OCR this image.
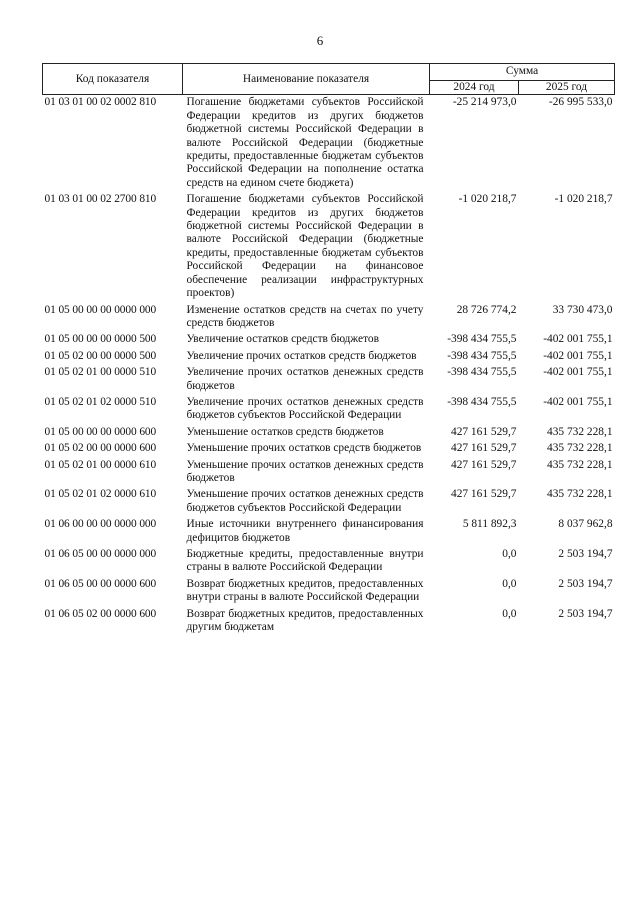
6
Код показателя	Наименование показателя	Сумма	
		2024 год	2025 год
01 03 01 00 02 0002 810	Погашение бюджетами субъектов Российской Федерации кредитов из других бюджетов бюджетной системы Российской Федерации в валюте Российской Федерации (бюджетные кредиты, предоставленные бюджетам субъектов Российской Федерации на пополнение остатка средств на едином счете бюджета)	-25 214 973,0	-26 995 533,0
01 03 01 00 02 2700 810	Погашение бюджетами субъектов Российской Федерации кредитов из других бюджетов бюджетной системы Российской Федерации в валюте Российской Федерации (бюджетные кредиты, предоставленные бюджетам субъектов Российской Федерации на финансовое обеспечение реализации инфраструктурных проектов)	-1 020 218,7	-1 020 218,7
01 05 00 00 00 0000 000	Изменение остатков средств на счетах по учету средств бюджетов	28 726 774,2	33 730 473,0
01 05 00 00 00 0000 500	Увеличение остатков средств бюджетов	-398 434 755,5	-402 001 755,1
01 05 02 00 00 0000 500	Увеличение прочих остатков средств бюджетов	-398 434 755,5	-402 001 755,1
01 05 02 01 00 0000 510	Увеличение прочих остатков денежных средств бюджетов	-398 434 755,5	-402 001 755,1
01 05 02 01 02 0000 510	Увеличение прочих остатков денежных средств бюджетов субъектов Российской Федерации	-398 434 755,5	-402 001 755,1
01 05 00 00 00 0000 600	Уменьшение остатков средств бюджетов	427 161 529,7	435 732 228,1
01 05 02 00 00 0000 600	Уменьшение прочих остатков средств бюджетов	427 161 529,7	435 732 228,1
01 05 02 01 00 0000 610	Уменьшение прочих остатков денежных средств бюджетов	427 161 529,7	435 732 228,1
01 05 02 01 02 0000 610	Уменьшение прочих остатков денежных средств бюджетов субъектов Российской Федерации	427 161 529,7	435 732 228,1
01 06 00 00 00 0000 000	Иные источники внутреннего финансирования дефицитов бюджетов	5 811 892,3	8 037 962,8
01 06 05 00 00 0000 000	Бюджетные кредиты, предоставленные внутри страны в валюте Российской Федерации	0,0	2 503 194,7
01 06 05 00 00 0000 600	Возврат бюджетных кредитов, предоставленных внутри страны в валюте Российской Федерации	0,0	2 503 194,7
01 06 05 02 00 0000 600	Возврат бюджетных кредитов, предоставленных другим бюджетам	0,0	2 503 194,7
